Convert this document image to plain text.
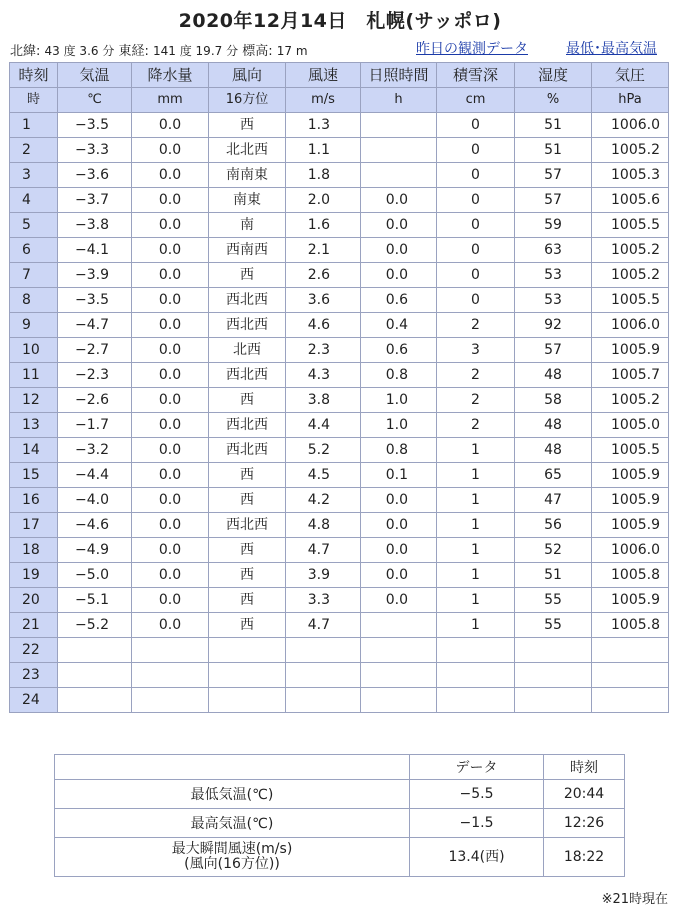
2020年12月14日　札幌(サッポロ)
北緯: 43 度 3.6 分 東経: 141 度 19.7 分 標高: 17 m	昨日の観測データ	最低･最高気温
時刻	気温	降水量	風向	風速	日照時間	積雪深	湿度	気圧
時	℃	mm	16方位	m/s	h	cm	%	hPa
1	−3.5	0.0	西	1.3		0	51	1006.0
2	−3.3	0.0	北北西	1.1		0	51	1005.2
3	−3.6	0.0	南南東	1.8		0	57	1005.3
4	−3.7	0.0	南東	2.0	0.0	0	57	1005.6
5	−3.8	0.0	南	1.6	0.0	0	59	1005.5
6	−4.1	0.0	西南西	2.1	0.0	0	63	1005.2
7	−3.9	0.0	西	2.6	0.0	0	53	1005.2
8	−3.5	0.0	西北西	3.6	0.6	0	53	1005.5
9	−4.7	0.0	西北西	4.6	0.4	2	92	1006.0
10	−2.7	0.0	北西	2.3	0.6	3	57	1005.9
11	−2.3	0.0	西北西	4.3	0.8	2	48	1005.7
12	−2.6	0.0	西	3.8	1.0	2	58	1005.2
13	−1.7	0.0	西北西	4.4	1.0	2	48	1005.0
14	−3.2	0.0	西北西	5.2	0.8	1	48	1005.5
15	−4.4	0.0	西	4.5	0.1	1	65	1005.9
16	−4.0	0.0	西	4.2	0.0	1	47	1005.9
17	−4.6	0.0	西北西	4.8	0.0	1	56	1005.9
18	−4.9	0.0	西	4.7	0.0	1	52	1006.0
19	−5.0	0.0	西	3.9	0.0	1	51	1005.8
20	−5.1	0.0	西	3.3	0.0	1	55	1005.9
21	−5.2	0.0	西	4.7		1	55	1005.8
22								
23								
24								
	データ	時刻
最低気温(℃)	−5.5	20:44
最高気温(℃)	−1.5	12:26

最大瞬間風速(m/s)
(風向(16方位))	13.4(西)	18:22
※21時現在
